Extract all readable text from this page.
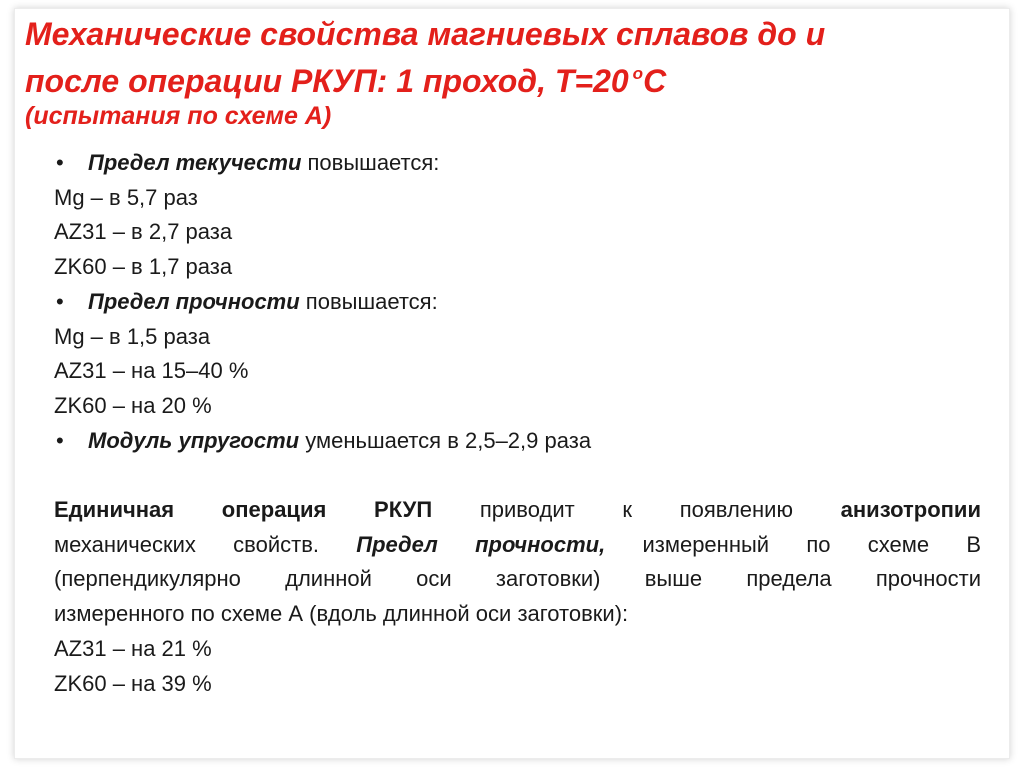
Механические свойства магниевых сплавов до и
после операции РКУП: 1 проход, Т=20 $^о$С
(испытания по схеме А)
• Предел текучести повышается:
Mg – в 5,7 раз
AZ31 – в 2,7 раза
ZK60 – в 1,7 раза
• Предел прочности повышается:
Mg – в 1,5 раза
AZ31 – на 15–40 %
ZK60 – на 20 %
• Модуль упругости уменьшается в 2,5–2,9 раза
Единичная операция РКУП приводит к появлению анизотропии
механических свойств. Предел прочности, измеренный по схеме В
(перпендикулярно длинной оси заготовки) выше предела прочности
измеренного по схеме А (вдоль длинной оси заготовки):
AZ31 – на 21 %
ZK60 – на 39 %
